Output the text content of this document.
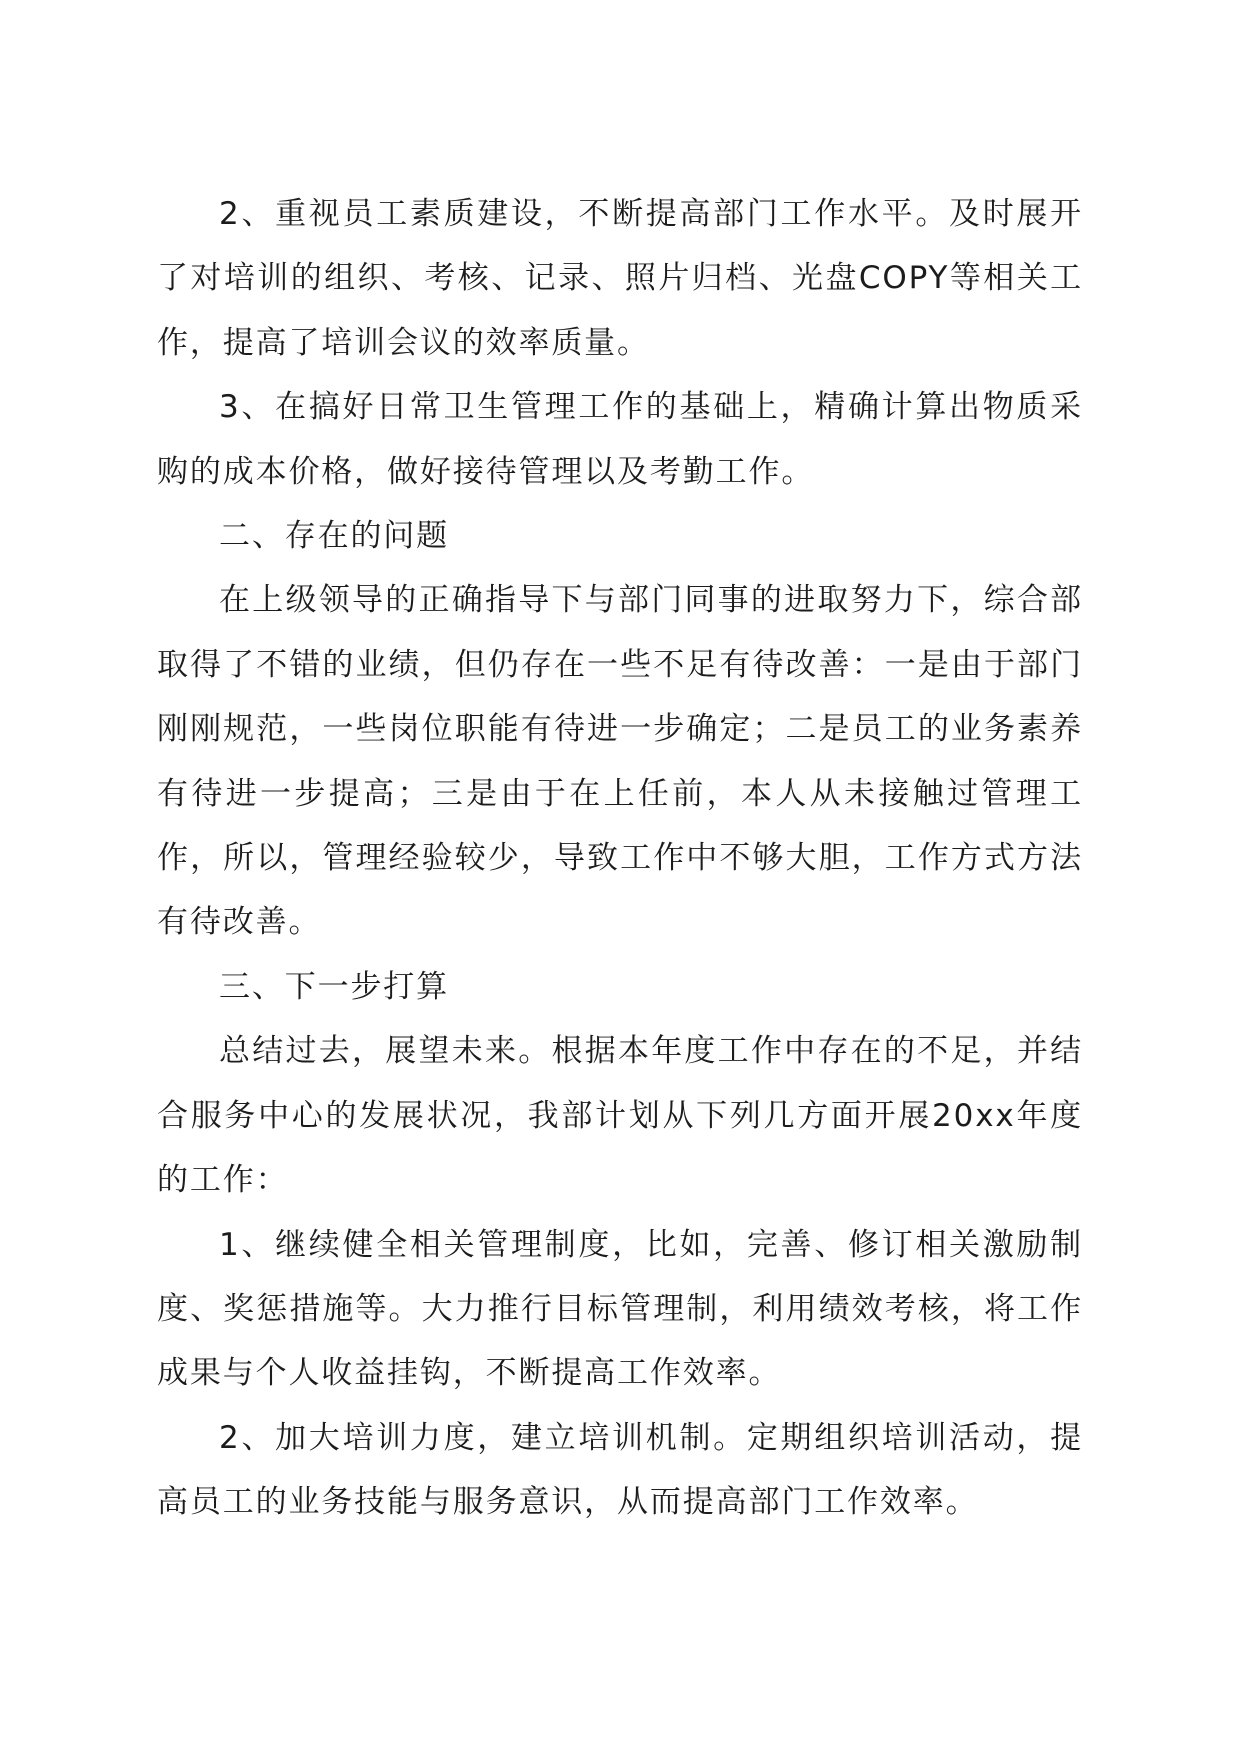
2、重视员工素质建设，不断提高部门工作水平。及时展开了对培训的组织、考核、记录、照片归档、光盘COPY等相关工作，提高了培训会议的效率质量。

3、在搞好日常卫生管理工作的基础上，精确计算出物质采购的成本价格，做好接待管理以及考勤工作。

二、存在的问题

在上级领导的正确指导下与部门同事的进取努力下，综合部取得了不错的业绩，但仍存在一些不足有待改善：一是由于部门刚刚规范，一些岗位职能有待进一步确定；二是员工的业务素养有待进一步提高；三是由于在上任前，本人从未接触过管理工作，所以，管理经验较少，导致工作中不够大胆，工作方式方法有待改善。

三、下一步打算

总结过去，展望未来。根据本年度工作中存在的不足，并结合服务中心的发展状况，我部计划从下列几方面开展20xx年度的工作：

1、继续健全相关管理制度，比如，完善、修订相关激励制度、奖惩措施等。大力推行目标管理制，利用绩效考核，将工作成果与个人收益挂钩，不断提高工作效率。

2、加大培训力度，建立培训机制。定期组织培训活动，提高员工的业务技能与服务意识，从而提高部门工作效率。
